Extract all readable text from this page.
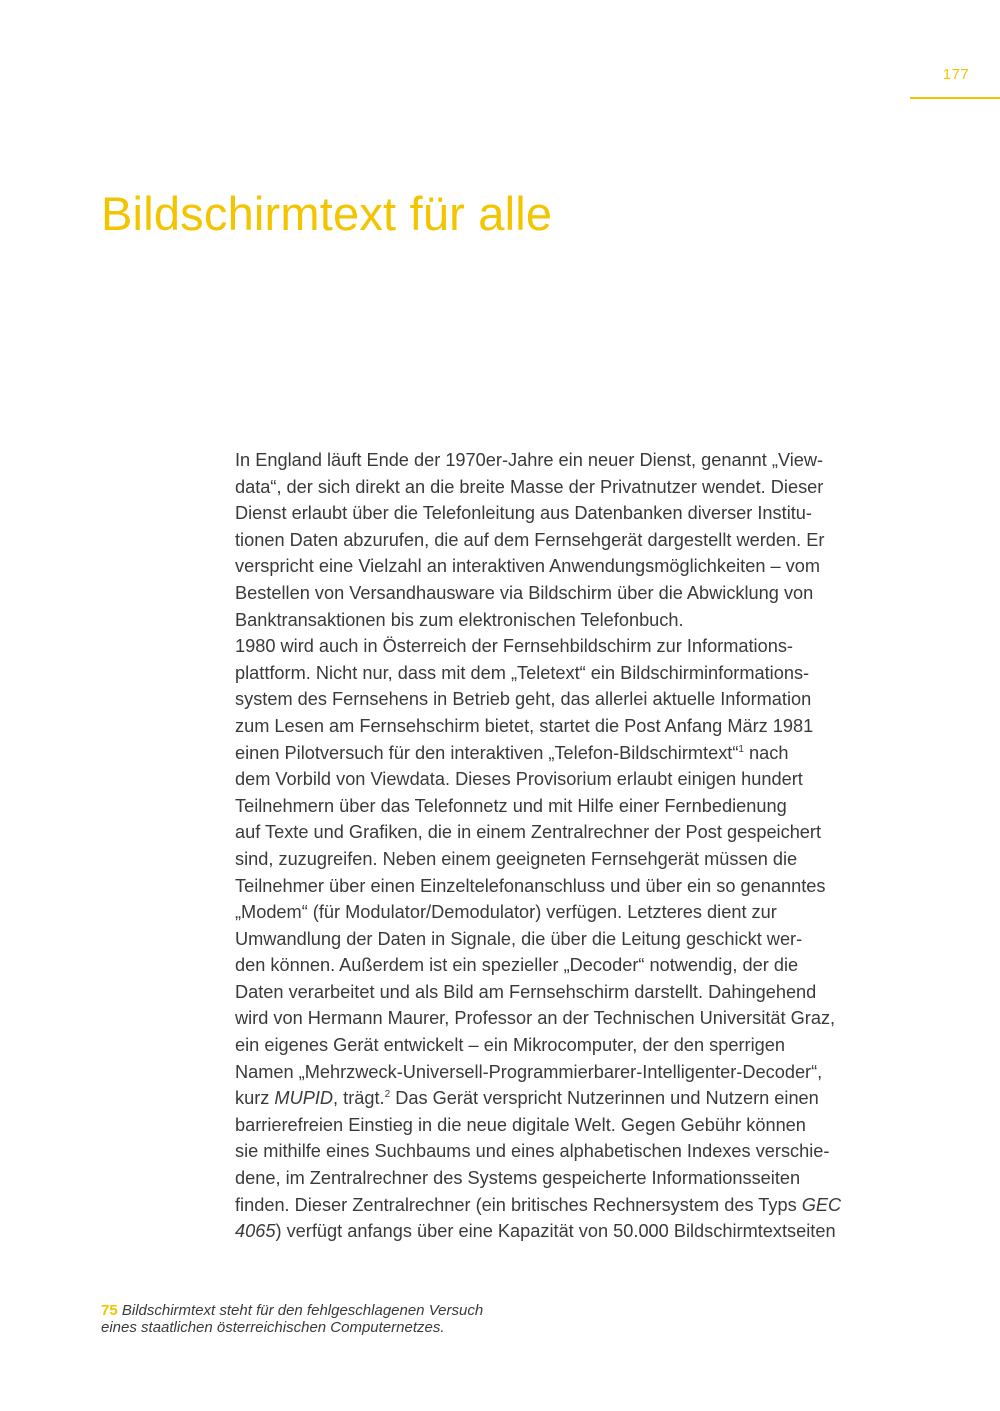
177
Bildschirmtext für alle
In England läuft Ende der 1970er-Jahre ein neuer Dienst, genannt „View-
data“, der sich direkt an die breite Masse der Privatnutzer wendet. Dieser
Dienst erlaubt über die Telefonleitung aus Datenbanken diverser Institu-
tionen Daten abzurufen, die auf dem Fernsehgerät dargestellt werden. Er
verspricht eine Vielzahl an interaktiven Anwendungsmöglichkeiten – vom
Bestellen von Versandhausware via Bildschirm über die Abwicklung von
Banktransaktionen bis zum elektronischen Telefonbuch.
1980 wird auch in Österreich der Fernsehbildschirm zur Informations-
plattform. Nicht nur, dass mit dem „Teletext“ ein Bildschirminformations-
system des Fernsehens in Betrieb geht, das allerlei aktuelle Information
zum Lesen am Fernsehschirm bietet, startet die Post Anfang März 1981
einen Pilotversuch für den interaktiven „Telefon-Bildschirmtext“$^1$ nach
dem Vorbild von Viewdata. Dieses Provisorium erlaubt einigen hundert
Teilnehmern über das Telefonnetz und mit Hilfe einer Fernbedienung
auf Texte und Grafiken, die in einem Zentralrechner der Post gespeichert
sind, zuzugreifen. Neben einem geeigneten Fernsehgerät müssen die
Teilnehmer über einen Einzeltelefonanschluss und über ein so genanntes
„Modem“ (für Modulator/Demodulator) verfügen. Letzteres dient zur
Umwandlung der Daten in Signale, die über die Leitung geschickt wer-
den können. Außerdem ist ein spezieller „Decoder“ notwendig, der die
Daten verarbeitet und als Bild am Fernsehschirm darstellt. Dahingehend
wird von Hermann Maurer, Professor an der Technischen Universität Graz,
ein eigenes Gerät entwickelt – ein Mikrocomputer, der den sperrigen
Namen „Mehrzweck-Universell-Programmierbarer-Intelligenter-Decoder“,
kurz MUPID, trägt.$^2$ Das Gerät verspricht Nutzerinnen und Nutzern einen
barrierefreien Einstieg in die neue digitale Welt. Gegen Gebühr können
sie mithilfe eines Suchbaums und eines alphabetischen Indexes verschie-
dene, im Zentralrechner des Systems gespeicherte Informationsseiten
finden. Dieser Zentralrechner (ein britisches Rechnersystem des Typs GEC
4065) verfügt anfangs über eine Kapazität von 50.000 Bildschirmtextseiten
75 Bildschirmtext steht für den fehlgeschlagenen Versuch
eines staatlichen österreichischen Computernetzes.
